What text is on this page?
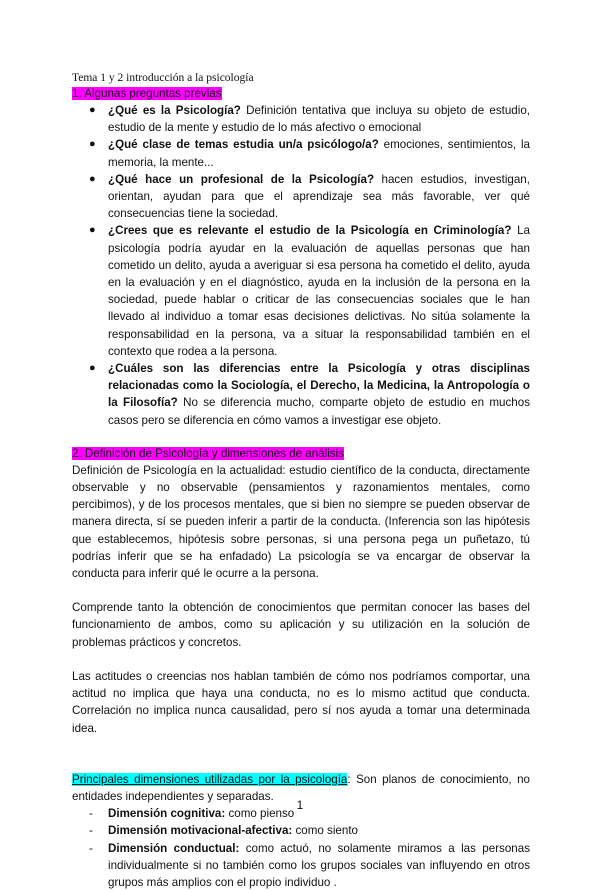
Tema 1 y 2 introducción a la psicología
1. Algunas preguntas previas
● ¿Qué es la Psicología? Definición tentativa que incluya su objeto de estudio, estudio de la mente y estudio de lo más afectivo o emocional
● ¿Qué clase de temas estudia un/a psicólogo/a? emociones, sentimientos, la memoria, la mente...
● ¿Qué hace un profesional de la Psicología? hacen estudios, investigan, orientan, ayudan para que el aprendizaje sea más favorable, ver qué consecuencias tiene la sociedad.
● ¿Crees que es relevante el estudio de la Psicología en Criminología? La psicología podría ayudar en la evaluación de aquellas personas que han cometido un delito, ayuda a averiguar si esa persona ha cometido el delito, ayuda en la evaluación y en el diagnóstico, ayuda en la inclusión de la persona en la sociedad, puede hablar o criticar de las consecuencias sociales que le han llevado al individuo a tomar esas decisiones delictivas. No sitúa solamente la responsabilidad en la persona, va a situar la responsabilidad también en el contexto que rodea a la persona.
● ¿Cuáles son las diferencias entre la Psicología y otras disciplinas relacionadas como la Sociología, el Derecho, la Medicina, la Antropología o la Filosofía? No se diferencia mucho, comparte objeto de estudio en muchos casos pero se diferencia en cómo vamos a investigar ese objeto.
2. Definición de Psicología y dimensiones de análisis

Definición de Psicología en la actualidad: estudio científico de la conducta, directamente observable y no observable (pensamientos y razonamientos mentales, como percibimos), y de los procesos mentales, que si bien no siempre se pueden observar de manera directa, sí se pueden inferir a partir de la conducta. (Inferencia son las hipótesis que establecemos, hipótesis sobre personas, si una persona pega un puñetazo, tú podrías inferir que se ha enfadado) La psicología se va encargar de observar la conducta para inferir qué le ocurre a la persona.

Comprende tanto la obtención de conocimientos que permitan conocer las bases del funcionamiento de ambos, como su aplicación y su utilización en la solución de problemas prácticos y concretos.

Las actitudes o creencias nos hablan también de cómo nos podríamos comportar, una actitud no implica que haya una conducta, no es lo mismo actitud que conducta. Correlación no implica nunca causalidad, pero sí nos ayuda a tomar una determinada idea.

Principales dimensiones utilizadas por la psicología: Son planos de conocimiento, no entidades independientes y separadas.

- Dimensión cognitiva: como pienso
- Dimensión motivacional-afectiva: como siento
- Dimensión conductual: como actuó, no solamente miramos a las personas individualmente si no también como los grupos sociales van influyendo en otros grupos más amplios con el propio individuo .
1
